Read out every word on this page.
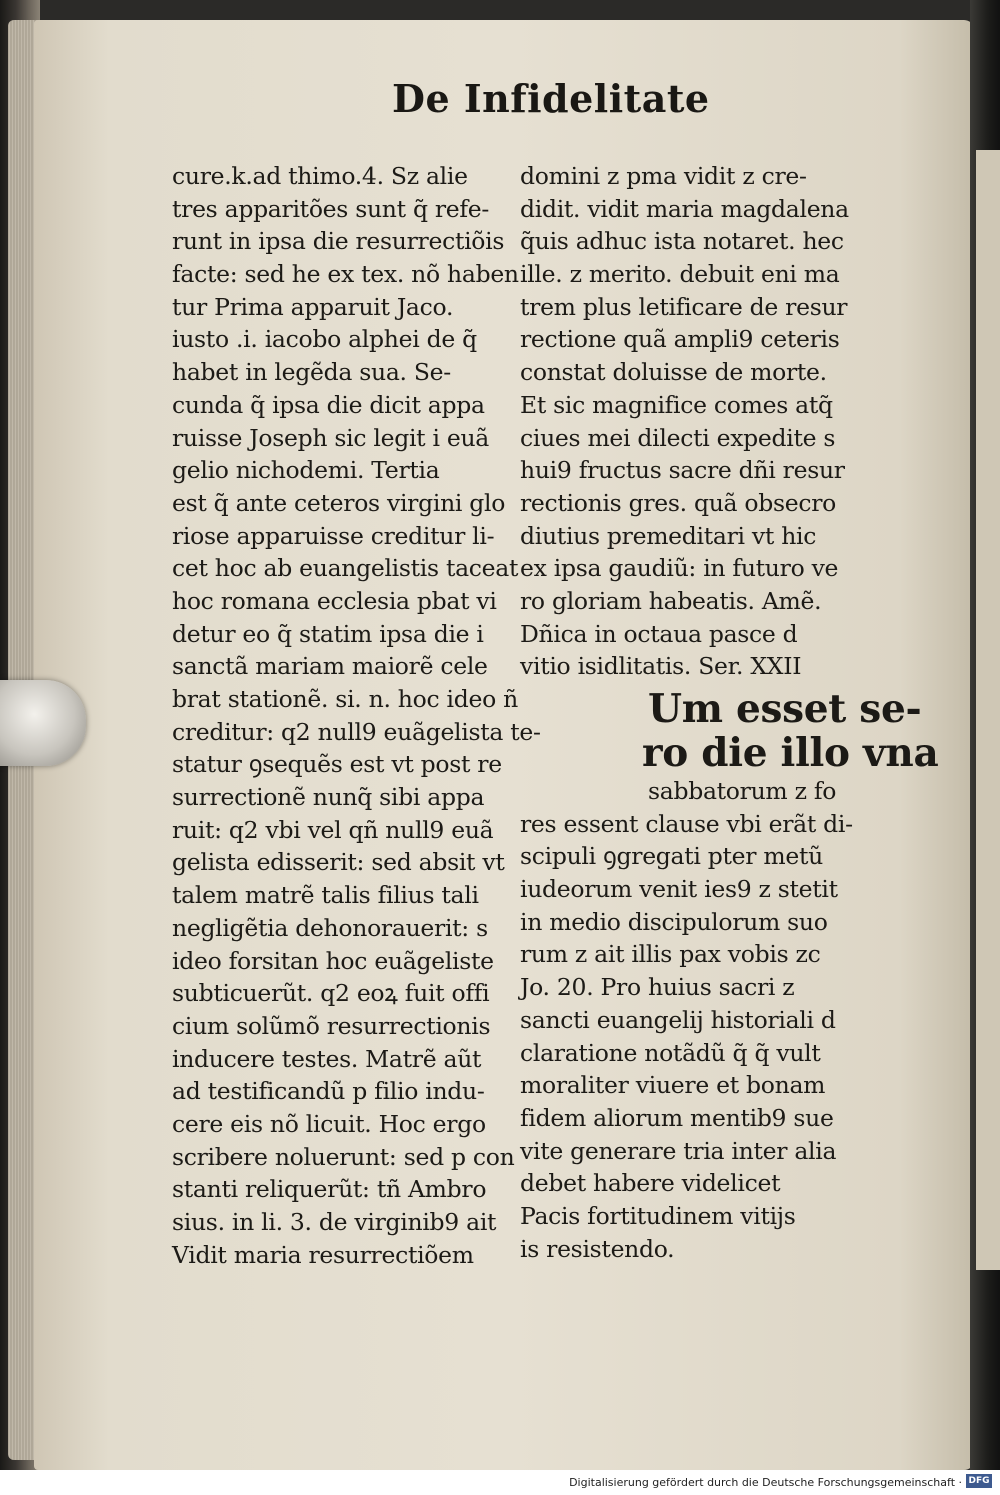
De Infidelitate
cure.k.ad thimo.4. Sz alie
tres apparitões sunt q̃ refe-
runt in ipsa die resurrectiõis
facte: sed he ex tex. nõ haben
tur Prima apparuit Jaco.
iusto .i. iacobo alphei de q̃
habet in legẽda sua. Se-
cunda q̃ ipsa die dicit appa
ruisse Joseph sic legit i euã
gelio nichodemi. Tertia
est q̃ ante ceteros virgini glo
riose apparuisse creditur li-
cet hoc ab euangelistis taceat
hoc romana ecclesia pbat vi
detur eo q̃ statim ipsa die i
sanctã mariam maiorẽ cele
brat stationẽ. si. n. hoc ideo ñ
creditur: q2 null9 euãgelista te-
statur ꝯsequẽs est vt post re
surrectionẽ nunq̃ sibi appa
ruit: q2 vbi vel qñ null9 euã
gelista edisserit: sed absit vt
talem matrẽ talis filius tali
negligẽtia dehonorauerit: s
ideo forsitan hoc euãgeliste
subticuerũt. q2 eoꝝ fuit offi
cium solũmõ resurrectionis
inducere testes. Matrẽ aũt
ad testificandũ p filio indu-
cere eis nõ licuit. Hoc ergo
scribere noluerunt: sed p con
stanti reliquerũt: tñ Ambro
sius. in li. 3. de virginib9 ait
Vidit maria resurrectiõem
domini z pma vidit z cre-
didit. vidit maria magdalena
q̃uis adhuc ista notaret. hec
ille. z merito. debuit eni ma
trem plus letificare de resur
rectione quã ampli9 ceteris
constat doluisse de morte.
Et sic magnifice comes atq̃
ciues mei dilecti expedite s
hui9 fructus sacre dñi resur
rectionis gres. quã obsecro
diutius premeditari vt hic
ex ipsa gaudiũ: in futuro ve
ro gloriam habeatis. Amẽ.
Dñica in octaua pasce d
vitio isidlitatis. Ser. XXII
Um esset se-
ro die illo vna
sabbatorum z fo
res essent clause vbi erãt di-
scipuli ꝯgregati pter metũ
iudeorum venit ies9 z stetit
in medio discipulorum suo
rum z ait illis pax vobis zc
Jo. 20. Pro huius sacri z
sancti euangelij historiali d
claratione notãdũ q̃ q̃ vult
moraliter viuere et bonam
fidem aliorum mentib9 sue
vite generare tria inter alia
debet habere videlicet
Pacis fortitudinem vitijs
is resistendo.
Digitalisierung gefördert durch die Deutsche Forschungsgemeinschaft · DFG
